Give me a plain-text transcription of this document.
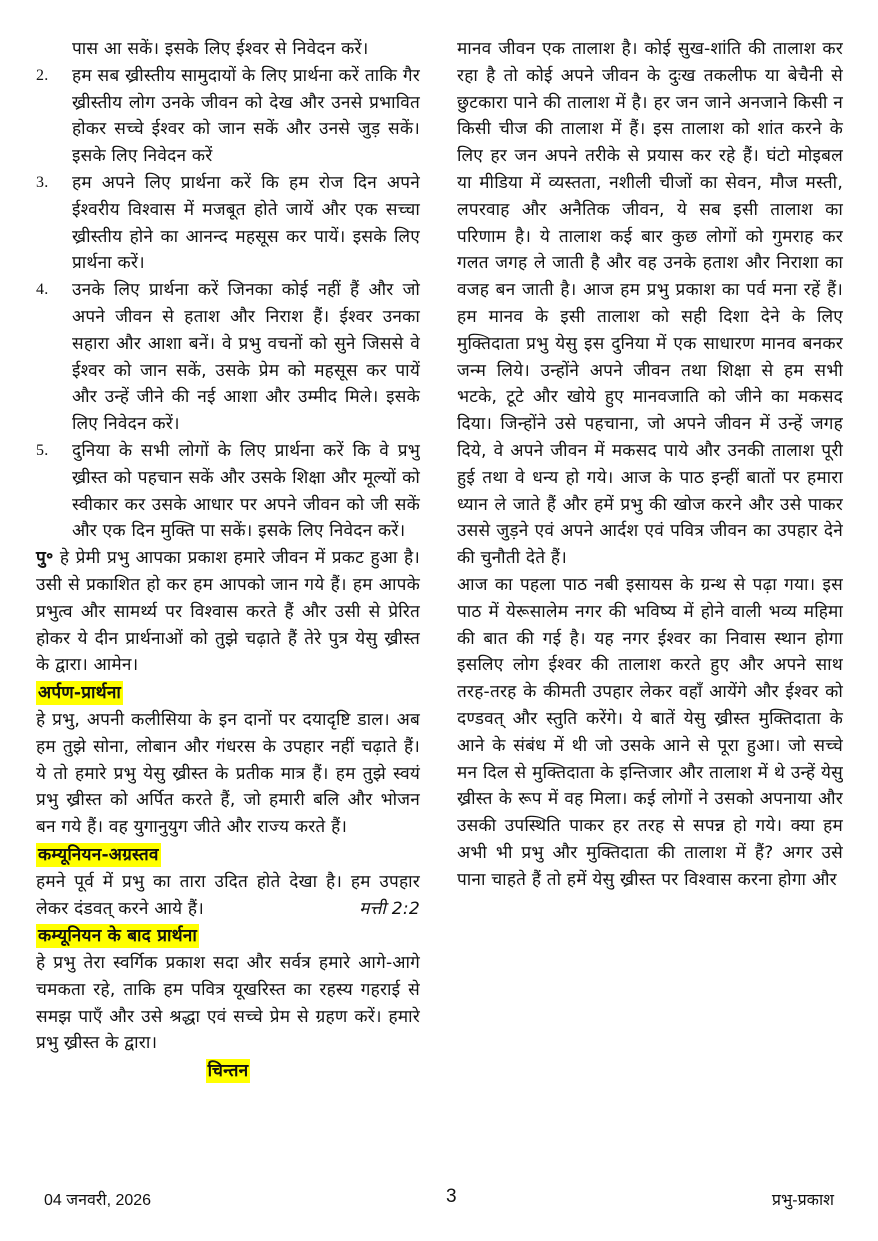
पास आ सकें। इसके लिए ईश्वर से निवेदन करें।

2.	हम सब ख्रीस्तीय सामुदायों के लिए प्रार्थना करें ताकि गैर ख्रीस्तीय लोग उनके जीवन को देख और उनसे प्रभावित होकर सच्चे ईश्वर को जान सकें और उनसे जुड़ सकें। इसके लिए निवेदन करें
3.	हम अपने लिए प्रार्थना करें कि हम रोज दिन अपने ईश्वरीय विश्वास में मजबूत होते जायें और एक सच्चा ख्रीस्तीय होने का आनन्द महसूस कर पायें। इसके लिए प्रार्थना करें।
4.	उनके लिए प्रार्थना करें जिनका कोई नहीं हैं और जो अपने जीवन से हताश और निराश हैं। ईश्वर उनका सहारा और आशा बनें। वे प्रभु वचनों को सुने जिससे वे ईश्वर को जान सकें, उसके प्रेम को महसूस कर पायें और उन्हें जीने की नई आशा और उम्मीद मिले। इसके लिए निवेदन करें।
5.	दुनिया के सभी लोगों के लिए प्रार्थना करें कि वे प्रभु ख्रीस्त को पहचान सकें और उसके शिक्षा और मूल्यों को स्वीकार कर उसके आधार पर अपने जीवन को जी सकें और एक दिन मुक्ति पा सकें। इसके लिए निवेदन करें।

पु॰ हे प्रेमी प्रभु आपका प्रकाश हमारे जीवन में प्रकट हुआ है। उसी से प्रकाशित हो कर हम आपको जान गये हैं। हम आपके प्रभुत्व और सामर्थ्य पर विश्वास करते हैं और उसी से प्रेरित होकर ये दीन प्रार्थनाओं को तुझे चढ़ाते हैं तेरे पुत्र येसु ख्रीस्त के द्वारा। आमेन।

अर्पण-प्रार्थना

हे प्रभु, अपनी कलीसिया के इन दानों पर दयादृष्टि डाल। अब हम तुझे सोना, लोबान और गंधरस के उपहार नहीं चढ़ाते हैं। ये तो हमारे प्रभु येसु ख्रीस्त के प्रतीक मात्र हैं। हम तुझे स्वयं प्रभु ख्रीस्त को अर्पित करते हैं, जो हमारी बलि और भोजन बन गये हैं। वह युगानुयुग जीते और राज्य करते हैं।

कम्यूनियन-अग्रस्तव

हमने पूर्व में प्रभु का तारा उदित होते देखा है। हम उपहार लेकर दंडवत् करने आये हैं।	मत्ती 2:2

कम्यूनियन के बाद प्रार्थना

हे प्रभु तेरा स्वर्गिक प्रकाश सदा और सर्वत्र हमारे आगे-आगे चमकता रहे, ताकि हम पवित्र यूखरिस्त का रहस्य गहराई से समझ पाएँ और उसे श्रद्धा एवं सच्चे प्रेम से ग्रहण करें। हमारे प्रभु ख्रीस्त के द्वारा।

चिन्तन

मानव जीवन एक तालाश है। कोई सुख-शांति की तालाश कर रहा है तो कोई अपने जीवन के दुःख तकलीफ या बेचैनी से छुटकारा पाने की तालाश में है। हर जन जाने अनजाने किसी न किसी चीज की तालाश में हैं। इस तालाश को शांत करने के लिए हर जन अपने तरीके से प्रयास कर रहे हैं। घंटो मोइबल या मीडिया में व्यस्तता, नशीली चीजों का सेवन, मौज मस्ती, लपरवाह और अनैतिक जीवन, ये सब इसी तालाश का परिणाम है। ये तालाश कई बार कुछ लोगों को गुमराह कर गलत जगह ले जाती है और वह उनके हताश और निराशा का वजह बन जाती है। आज हम प्रभु प्रकाश का पर्व मना रहें हैं। हम मानव के इसी तालाश को सही दिशा देने के लिए मुक्तिदाता प्रभु येसु इस दुनिया में एक साधारण मानव बनकर जन्म लिये। उन्होंने अपने जीवन तथा शिक्षा से हम सभी भटके, टूटे और खोये हुए मानवजाति को जीने का मकसद दिया। जिन्होंने उसे पहचाना, जो अपने जीवन में उन्हें जगह दिये, वे अपने जीवन में मकसद पाये और उनकी तालाश पूरी हुई तथा वे धन्य हो गये। आज के पाठ इन्हीं बातों पर हमारा ध्यान ले जाते हैं और हमें प्रभु की खोज करने और उसे पाकर उससे जुड़ने एवं अपने आर्दश एवं पवित्र जीवन का उपहार देने की चुनौती देते हैं।

आज का पहला पाठ नबी इसायस के ग्रन्थ से पढ़ा गया। इस पाठ में येरूसालेम नगर की भविष्य में होने वाली भव्य महिमा की बात की गई है। यह नगर ईश्वर का निवास स्थान होगा इसलिए लोग ईश्वर की तालाश करते हुए और अपने साथ तरह-तरह के कीमती उपहार लेकर वहाँ आयेंगे और ईश्वर को दण्डवत् और स्तुति करेंगे। ये बातें येसु ख्रीस्त मुक्तिदाता के आने के संबंध में थी जो उसके आने से पूरा हुआ। जो सच्चे मन दिल से मुक्तिदाता के इन्तिजार और तालाश में थे उन्हें येसु ख्रीस्त के रूप में वह मिला। कई लोगों ने उसको अपनाया और उसकी उपस्थिति पाकर हर तरह से सपन्न हो गये। क्या हम अभी भी प्रभु और मुक्तिदाता की तालाश में हैं? अगर उसे पाना चाहते हैं तो हमें येसु ख्रीस्त पर विश्वास करना होगा और

04 जनवरी, 2026	3	प्रभु-प्रकाश
